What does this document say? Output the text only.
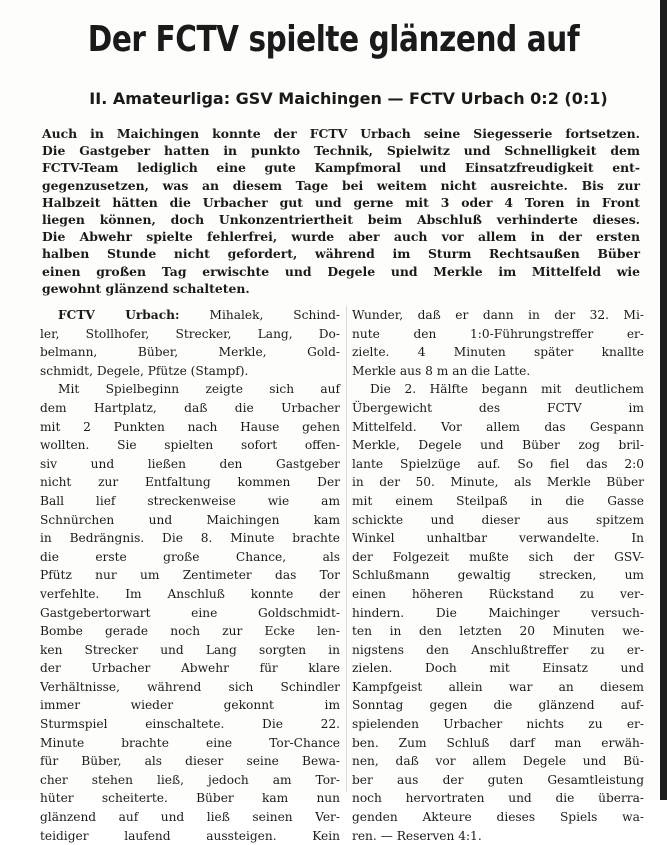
Der FCTV spielte glänzend auf
II. Amateurliga: GSV Maichingen — FCTV Urbach 0:2 (0:1)
Auch in Maichingen konnte der FCTV Urbach seine Siegesserie fortsetzen.
Die Gastgeber hatten in punkto Technik, Spielwitz und Schnelligkeit dem
FCTV-Team lediglich eine gute Kampfmoral und Einsatzfreudigkeit ent-
gegenzusetzen, was an diesem Tage bei weitem nicht ausreichte. Bis zur
Halbzeit hätten die Urbacher gut und gerne mit 3 oder 4 Toren in Front
liegen können, doch Unkonzentriertheit beim Abschluß verhinderte dieses.
Die Abwehr spielte fehlerfrei, wurde aber auch vor allem in der ersten
halben Stunde nicht gefordert, während im Sturm Rechtsaußen Büber
einen großen Tag erwischte und Degele und Merkle im Mittelfeld wie
gewohnt glänzend schalteten.
FCTV Urbach: Mihalek, Schind-
ler, Stollhofer, Strecker, Lang, Do-
belmann, Büber, Merkle, Gold-
schmidt, Degele, Pfütze (Stampf).
Mit Spielbeginn zeigte sich auf
dem Hartplatz, daß die Urbacher
mit 2 Punkten nach Hause gehen
wollten. Sie spielten sofort offen-
siv und ließen den Gastgeber
nicht zur Entfaltung kommen Der
Ball lief streckenweise wie am
Schnürchen und Maichingen kam
in Bedrängnis. Die 8. Minute brachte
die erste große Chance, als
Pfütz nur um Zentimeter das Tor
verfehlte. Im Anschluß konnte der
Gastgebertorwart eine Goldschmidt-
Bombe gerade noch zur Ecke len-
ken Strecker und Lang sorgten in
der Urbacher Abwehr für klare
Verhältnisse, während sich Schindler
immer wieder gekonnt im
Sturmspiel einschaltete. Die 22.
Minute brachte eine Tor-Chance
für Büber, als dieser seine Bewa-
cher stehen ließ, jedoch am Tor-
hüter scheiterte. Büber kam nun
glänzend auf und ließ seinen Ver-
teidiger laufend aussteigen. Kein
Wunder, daß er dann in der 32. Mi-
nute den 1:0-Führungstreffer er-
zielte. 4 Minuten später knallte
Merkle aus 8 m an die Latte.
Die 2. Hälfte begann mit deutlichem
Übergewicht des FCTV im
Mittelfeld. Vor allem das Gespann
Merkle, Degele und Büber zog bril-
lante Spielzüge auf. So fiel das 2:0
in der 50. Minute, als Merkle Büber
mit einem Steilpaß in die Gasse
schickte und dieser aus spitzem
Winkel unhaltbar verwandelte. In
der Folgezeit mußte sich der GSV-
Schlußmann gewaltig strecken, um
einen höheren Rückstand zu ver-
hindern. Die Maichinger versuch-
ten in den letzten 20 Minuten we-
nigstens den Anschlußtreffer zu er-
zielen. Doch mit Einsatz und
Kampfgeist allein war an diesem
Sonntag gegen die glänzend auf-
spielenden Urbacher nichts zu er-
ben. Zum Schluß darf man erwäh-
nen, daß vor allem Degele und Bü-
ber aus der guten Gesamtleistung
noch hervortraten und die überra-
genden Akteure dieses Spiels wa-
ren. — Reserven 4:1.
